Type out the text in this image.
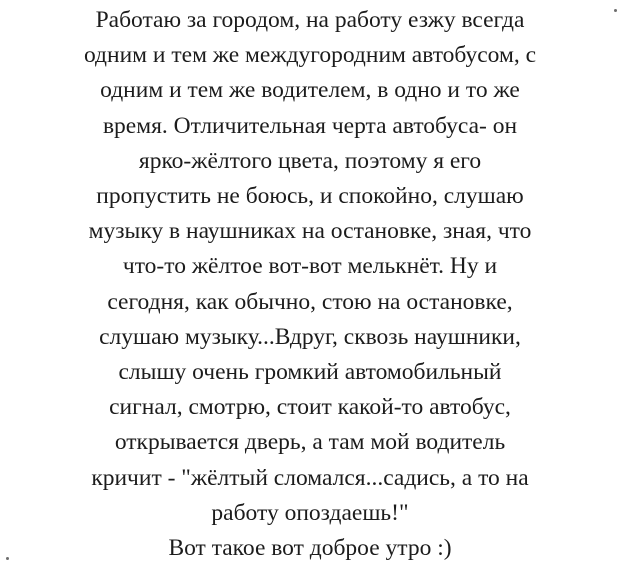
Работаю за городом, на работу езжу всегда
одним и тем же междугородним автобусом, с
одним и тем же водителем, в одно и то же
время. Отличительная черта автобуса- он
ярко-жёлтого цвета, поэтому я его
пропустить не боюсь, и спокойно, слушаю
музыку в наушниках на остановке, зная, что
что-то жёлтое вот-вот мелькнёт. Ну и
сегодня, как обычно, стою на остановке,
слушаю музыку...Вдруг, сквозь наушники,
слышу очень громкий автомобильный
сигнал, смотрю, стоит какой-то автобус,
открывается дверь, а там мой водитель
кричит - "жёлтый сломался...садись, а то на
работу опоздаешь!"
Вот такое вот доброе утро :)
